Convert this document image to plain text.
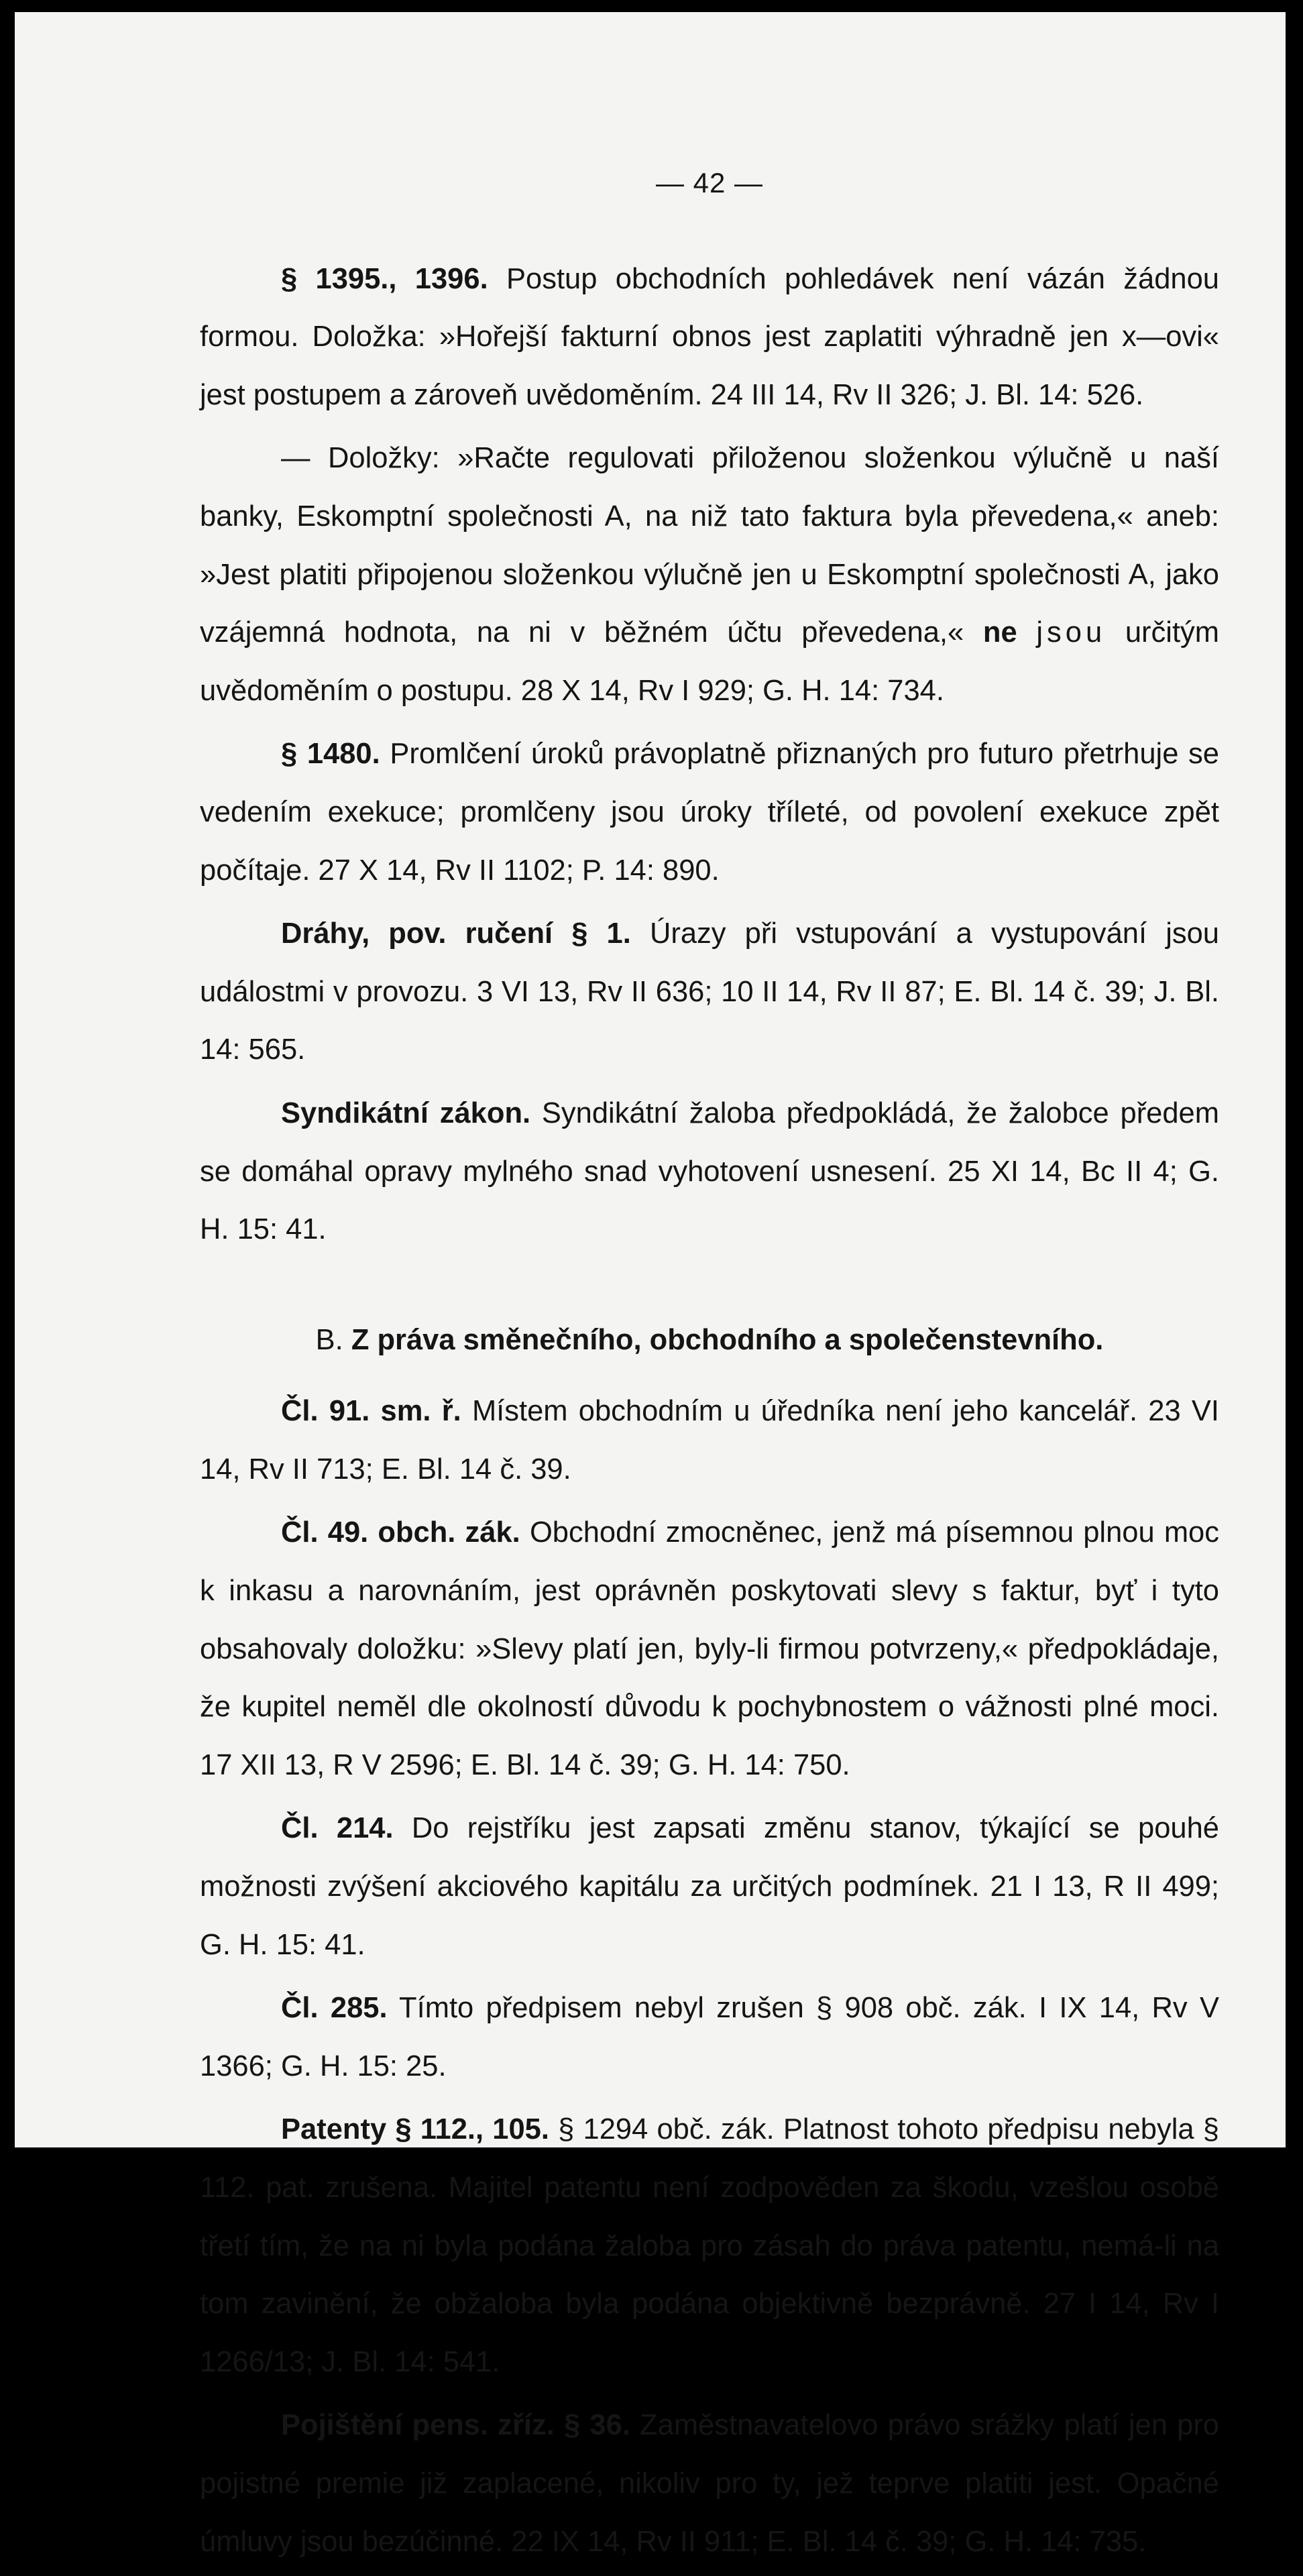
— 42 —

§ 1395., 1396. Postup obchodních pohledávek není vázán žádnou formou. Doložka: »Hořejší fakturní obnos jest zaplatiti výhradně jen x—ovi« jest postupem a zároveň uvědoměním. 24 III 14, Rv II 326; J. Bl. 14: 526.

— Doložky: »Račte regulovati přiloženou složenkou výlučně u naší banky, Eskomptní společnosti A, na niž tato faktura byla převedena,« aneb: »Jest platiti připojenou složenkou výlučně jen u Eskomptní společnosti A, jako vzájemná hodnota, na ni v běžném účtu převedena,« ne jsou určitým uvědoměním o postupu. 28 X 14, Rv I 929; G. H. 14: 734.

§ 1480. Promlčení úroků právoplatně přiznaných pro futuro přetrhuje se vedením exekuce; promlčeny jsou úroky tříleté, od povolení exekuce zpět počítaje. 27 X 14, Rv II 1102; P. 14: 890.

Dráhy, pov. ručení § 1. Úrazy při vstupování a vystupování jsou událostmi v provozu. 3 VI 13, Rv II 636; 10 II 14, Rv II 87; E. Bl. 14 č. 39; J. Bl. 14: 565.

Syndikátní zákon. Syndikátní žaloba předpokládá, že žalobce předem se domáhal opravy mylného snad vyhotovení usnesení. 25 XI 14, Bc II 4; G. H. 15: 41.

B. Z práva směnečního, obchodního a společenstevního.

Čl. 91. sm. ř. Místem obchodním u úředníka není jeho kancelář. 23 VI 14, Rv II 713; E. Bl. 14 č. 39.

Čl. 49. obch. zák. Obchodní zmocněnec, jenž má písemnou plnou moc k inkasu a narovnáním, jest oprávněn poskytovati slevy s faktur, byť i tyto obsahovaly doložku: »Slevy platí jen, byly-li firmou potvrzeny,« předpokládaje, že kupitel neměl dle okolností důvodu k pochybnostem o vážnosti plné moci. 17 XII 13, R V 2596; E. Bl. 14 č. 39; G. H. 14: 750.

Čl. 214. Do rejstříku jest zapsati změnu stanov, týkající se pouhé možnosti zvýšení akciového kapitálu za určitých podmínek. 21 I 13, R II 499; G. H. 15: 41.

Čl. 285. Tímto předpisem nebyl zrušen § 908 obč. zák. I IX 14, Rv V 1366; G. H. 15: 25.

Patenty § 112., 105. § 1294 obč. zák. Platnost tohoto předpisu nebyla § 112. pat. zrušena. Majitel patentu není zodpověden za škodu, vzešlou osobě třetí tím, že na ni byla podána žaloba pro zásah do práva patentu, nemá-li na tom zavinění, že obžaloba byla podána objektivně bezprávně. 27 I 14, Rv I 1266/13; J. Bl. 14: 541.

Pojištění pens. zříz. § 36. Zaměstnavatelovo právo srážky platí jen pro pojistné premie již zaplacené, nikoliv pro ty, jež teprve platiti jest. Opačné úmluvy jsou bezúčinné. 22 IX 14, Rv II 911; E. Bl. 14 č. 39; G. H. 14: 735.
